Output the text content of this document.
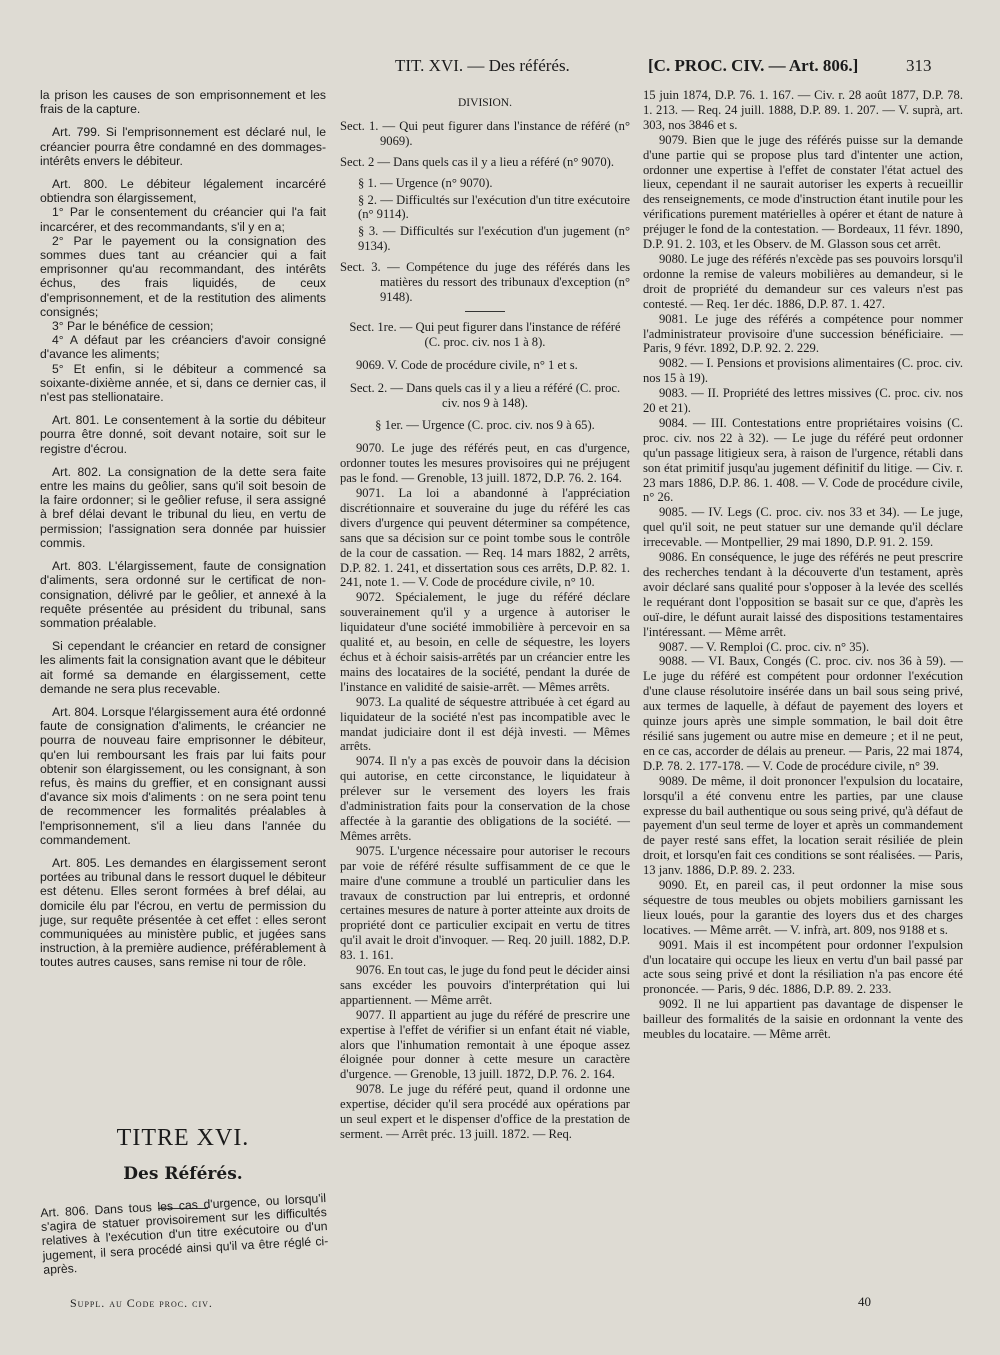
TIT. XVI. — Des référés.	[C. PROC. CIV. — Art. 806.]	313

la prison les causes de son emprisonnement et les frais de la capture.

Art. 799. Si l'emprisonnement est déclaré nul, le créancier pourra être condamné en des dommages-intérêts envers le débiteur.

Art. 800. Le débiteur légalement incarcéré obtiendra son élargissement,

1° Par le consentement du créancier qui l'a fait incarcérer, et des recommandants, s'il y en a;

2° Par le payement ou la consignation des sommes dues tant au créancier qui a fait emprisonner qu'au recommandant, des intérêts échus, des frais liquidés, de ceux d'emprisonnement, et de la restitution des aliments consignés;

3° Par le bénéfice de cession;

4° A défaut par les créanciers d'avoir consigné d'avance les aliments;

5° Et enfin, si le débiteur a commencé sa soixante-dixième année, et si, dans ce dernier cas, il n'est pas stellionataire.

Art. 801. Le consentement à la sortie du débiteur pourra être donné, soit devant notaire, soit sur le registre d'écrou.

Art. 802. La consignation de la dette sera faite entre les mains du geôlier, sans qu'il soit besoin de la faire ordonner; si le geôlier refuse, il sera assigné à bref délai devant le tribunal du lieu, en vertu de permission; l'assignation sera donnée par huissier commis.

Art. 803. L'élargissement, faute de consignation d'aliments, sera ordonné sur le certificat de non-consignation, délivré par le geôlier, et annexé à la requête présentée au président du tribunal, sans sommation préalable.

Si cependant le créancier en retard de consigner les aliments fait la consignation avant que le débiteur ait formé sa demande en élargissement, cette demande ne sera plus recevable.

Art. 804. Lorsque l'élargissement aura été ordonné faute de consignation d'aliments, le créancier ne pourra de nouveau faire emprisonner le débiteur, qu'en lui remboursant les frais par lui faits pour obtenir son élargissement, ou les consignant, à son refus, ès mains du greffier, et en consignant aussi d'avance six mois d'aliments : on ne sera point tenu de recommencer les formalités préalables à l'emprisonnement, s'il a lieu dans l'année du commandement.

Art. 805. Les demandes en élargissement seront portées au tribunal dans le ressort duquel le débiteur est détenu. Elles seront formées à bref délai, au domicile élu par l'écrou, en vertu de permission du juge, sur requête présentée à cet effet : elles seront communiquées au ministère public, et jugées sans instruction, à la première audience, préférablement à toutes autres causes, sans remise ni tour de rôle.

TITRE XVI.
Des Référés.
Art. 806. Dans tous les cas d'urgence, ou lorsqu'il s'agira de statuer provisoirement sur les difficultés relatives à l'exécution d'un titre exécutoire ou d'un jugement, il sera procédé ainsi qu'il va être réglé ci-après.
Suppl. au Code proc. civ.	40

DIVISION.

Sect. 1. — Qui peut figurer dans l'instance de référé (n° 9069).

Sect. 2 — Dans quels cas il y a lieu a référé (n° 9070).

§ 1. — Urgence (n° 9070).

§ 2. — Difficultés sur l'exécution d'un titre exécutoire (n° 9114).

§ 3. — Difficultés sur l'exécution d'un jugement (n° 9134).

Sect. 3. — Compétence du juge des référés dans les matières du ressort des tribunaux d'exception (n° 9148).

Sect. 1re. — Qui peut figurer dans l'instance de référé (C. proc. civ. nos 1 à 8).

9069. V. Code de procédure civile, n° 1 et s.

Sect. 2. — Dans quels cas il y a lieu a référé (C. proc. civ. nos 9 à 148).

§ 1er. — Urgence (C. proc. civ. nos 9 à 65).

9070. Le juge des référés peut, en cas d'urgence, ordonner toutes les mesures provisoires qui ne préjugent pas le fond. — Grenoble, 13 juill. 1872, D.P. 76. 2. 164.

9071. La loi a abandonné à l'appréciation discrétionnaire et souveraine du juge du référé les cas divers d'urgence qui peuvent déterminer sa compétence, sans que sa décision sur ce point tombe sous le contrôle de la cour de cassation. — Req. 14 mars 1882, 2 arrêts, D.P. 82. 1. 241, et dissertation sous ces arrêts, D.P. 82. 1. 241, note 1. — V. Code de procédure civile, n° 10.

9072. Spécialement, le juge du référé déclare souverainement qu'il y a urgence à autoriser le liquidateur d'une société immobilière à percevoir en sa qualité et, au besoin, en celle de séquestre, les loyers échus et à échoir saisis-arrêtés par un créancier entre les mains des locataires de la société, pendant la durée de l'instance en validité de saisie-arrêt. — Mêmes arrêts.

9073. La qualité de séquestre attribuée à cet égard au liquidateur de la société n'est pas incompatible avec le mandat judiciaire dont il est déjà investi. — Mêmes arrêts.

9074. Il n'y a pas excès de pouvoir dans la décision qui autorise, en cette circonstance, le liquidateur à prélever sur le versement des loyers les frais d'administration faits pour la conservation de la chose affectée à la garantie des obligations de la société. — Mêmes arrêts.

9075. L'urgence nécessaire pour autoriser le recours par voie de référé résulte suffisamment de ce que le maire d'une commune a troublé un particulier dans les travaux de construction par lui entrepris, et ordonné certaines mesures de nature à porter atteinte aux droits de propriété dont ce particulier excipait en vertu de titres qu'il avait le droit d'invoquer. — Req. 20 juill. 1882, D.P. 83. 1. 161.

9076. En tout cas, le juge du fond peut le décider ainsi sans excéder les pouvoirs d'interprétation qui lui appartiennent. — Même arrêt.

9077. Il appartient au juge du référé de prescrire une expertise à l'effet de vérifier si un enfant était né viable, alors que l'inhumation remontait à une époque assez éloignée pour donner à cette mesure un caractère d'urgence. — Grenoble, 13 juill. 1872, D.P. 76. 2. 164.

9078. Le juge du référé peut, quand il ordonne une expertise, décider qu'il sera procédé aux opérations par un seul expert et le dispenser d'office de la prestation de serment. — Arrêt préc. 13 juill. 1872. — Req.

15 juin 1874, D.P. 76. 1. 167. — Civ. r. 28 août 1877, D.P. 78. 1. 213. — Req. 24 juill. 1888, D.P. 89. 1. 207. — V. suprà, art. 303, nos 3846 et s.

9079. Bien que le juge des référés puisse sur la demande d'une partie qui se propose plus tard d'intenter une action, ordonner une expertise à l'effet de constater l'état actuel des lieux, cependant il ne saurait autoriser les experts à recueillir des renseignements, ce mode d'instruction étant inutile pour les vérifications purement matérielles à opérer et étant de nature à préjuger le fond de la contestation. — Bordeaux, 11 févr. 1890, D.P. 91. 2. 103, et les Observ. de M. Glasson sous cet arrêt.

9080. Le juge des référés n'excède pas ses pouvoirs lorsqu'il ordonne la remise de valeurs mobilières au demandeur, si le droit de propriété du demandeur sur ces valeurs n'est pas contesté. — Req. 1er déc. 1886, D.P. 87. 1. 427.

9081. Le juge des référés a compétence pour nommer l'administrateur provisoire d'une succession bénéficiaire. — Paris, 9 févr. 1892, D.P. 92. 2. 229.

9082. — I. Pensions et provisions alimentaires (C. proc. civ. nos 15 à 19).

9083. — II. Propriété des lettres missives (C. proc. civ. nos 20 et 21).

9084. — III. Contestations entre propriétaires voisins (C. proc. civ. nos 22 à 32). — Le juge du référé peut ordonner qu'un passage litigieux sera, à raison de l'urgence, rétabli dans son état primitif jusqu'au jugement définitif du litige. — Civ. r. 23 mars 1886, D.P. 86. 1. 408. — V. Code de procédure civile, n° 26.

9085. — IV. Legs (C. proc. civ. nos 33 et 34). — Le juge, quel qu'il soit, ne peut statuer sur une demande qu'il déclare irrecevable. — Montpellier, 29 mai 1890, D.P. 91. 2. 159.

9086. En conséquence, le juge des référés ne peut prescrire des recherches tendant à la découverte d'un testament, après avoir déclaré sans qualité pour s'opposer à la levée des scellés le requérant dont l'opposition se basait sur ce que, d'après les ouï-dire, le défunt aurait laissé des dispositions testamentaires l'intéressant. — Même arrêt.

9087. — V. Remploi (C. proc. civ. n° 35).

9088. — VI. Baux, Congés (C. proc. civ. nos 36 à 59). — Le juge du référé est compétent pour ordonner l'exécution d'une clause résolutoire insérée dans un bail sous seing privé, aux termes de laquelle, à défaut de payement des loyers et quinze jours après une simple sommation, le bail doit être résilié sans jugement ou autre mise en demeure ; et il ne peut, en ce cas, accorder de délais au preneur. — Paris, 22 mai 1874, D.P. 78. 2. 177-178. — V. Code de procédure civile, n° 39.

9089. De même, il doit prononcer l'expulsion du locataire, lorsqu'il a été convenu entre les parties, par une clause expresse du bail authentique ou sous seing privé, qu'à défaut de payement d'un seul terme de loyer et après un commandement de payer resté sans effet, la location serait résiliée de plein droit, et lorsqu'en fait ces conditions se sont réalisées. — Paris, 13 janv. 1886, D.P. 89. 2. 233.

9090. Et, en pareil cas, il peut ordonner la mise sous séquestre de tous meubles ou objets mobiliers garnissant les lieux loués, pour la garantie des loyers dus et des charges locatives. — Même arrêt. — V. infrà, art. 809, nos 9188 et s.

9091. Mais il est incompétent pour ordonner l'expulsion d'un locataire qui occupe les lieux en vertu d'un bail passé par acte sous seing privé et dont la résiliation n'a pas encore été prononcée. — Paris, 9 déc. 1886, D.P. 89. 2. 233.

9092. Il ne lui appartient pas davantage de dispenser le bailleur des formalités de la saisie en ordonnant la vente des meubles du locataire. — Même arrêt.
